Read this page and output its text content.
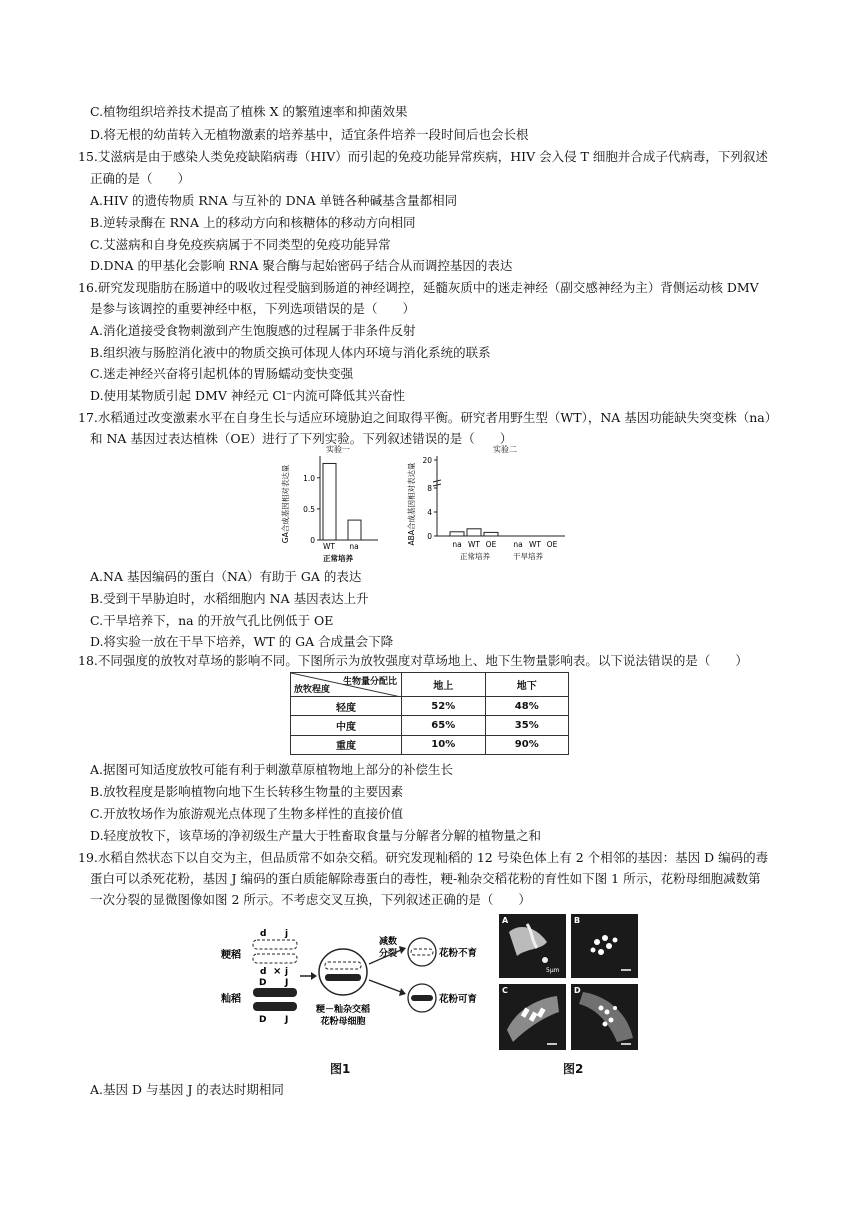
C.植物组织培养技术提高了植株 X 的繁殖速率和抑菌效果
D.将无根的幼苗转入无植物激素的培养基中，适宜条件培养一段时间后也会长根
15.艾滋病是由于感染人类免疫缺陷病毒（HIV）而引起的免疫功能异常疾病，HIV 会入侵 T 细胞并合成子代病毒，下列叙述
正确的是（　　）
A.HIV 的遗传物质 RNA 与互补的 DNA 单链各种碱基含量都相同
B.逆转录酶在 RNA 上的移动方向和核糖体的移动方向相同
C.艾滋病和自身免疫疾病属于不同类型的免疫功能异常
D.DNA 的甲基化会影响 RNA 聚合酶与起始密码子结合从而调控基因的表达
16.研究发现脂肪在肠道中的吸收过程受脑到肠道的神经调控，延髓灰质中的迷走神经（副交感神经为主）背侧运动核 DMV
是参与该调控的重要神经中枢，下列选项错误的是（　　）
A.消化道接受食物刺激到产生饱腹感的过程属于非条件反射
B.组织液与肠腔消化液中的物质交换可体现人体内环境与消化系统的联系
C.迷走神经兴奋将引起机体的胃肠蠕动变快变强
D.使用某物质引起 DMV 神经元 Cl⁻内流可降低其兴奋性
17.水稻通过改变激素水平在自身生长与适应环境胁迫之间取得平衡。研究者用野生型（WT），NA 基因功能缺失突变株（na）
和 NA 基因过表达植株（OE）进行了下列实验。下列叙述错误的是（　　）
GA合成基因相对表达量
实验一
0
0.5
1.0
WT na
正常培养
ABA合成基因相对表达量
实验二
0
4
8
20
na WT OE na WT OE
正常培养	干旱培养
A.NA 基因编码的蛋白（NA）有助于 GA 的表达
B.受到干旱胁迫时，水稻细胞内 NA 基因表达上升
C.干旱培养下，na 的开放气孔比例低于 OE
D.将实验一放在干旱下培养，WT 的 GA 合成量会下降
18.不同强度的放牧对草场的影响不同。下图所示为放牧强度对草场地上、地下生物量影响表。以下说法错误的是（　　）
生物量分配比
放牧程度	地上	地下
轻度	52%	48%
中度	65%	35%
重度	10%	90%
A.据图可知适度放牧可能有利于刺激草原植物地上部分的补偿生长
B.放牧程度是影响植物向地下生长转移生物量的主要因素
C.开放牧场作为旅游观光点体现了生物多样性的直接价值
D.轻度放牧下，该草场的净初级生产量大于牲畜取食量与分解者分解的植物量之和
19.水稻自然状态下以自交为主，但品质常不如杂交稻。研究发现籼稻的 12 号染色体上有 2 个相邻的基因：基因 D 编码的毒
蛋白可以杀死花粉，基因 J 编码的蛋白质能解除毒蛋白的毒性，粳-籼杂交稻花粉的育性如下图 1 所示，花粉母细胞减数第
一次分裂的显微图像如图 2 所示。不考虑交叉互换，下列叙述正确的是（　　）
粳稻
籼稻
d j
d × j
D J
D J
粳－籼杂交稻
花粉母细胞
减数
分裂	花粉不育
花粉可育
图1
A
5μm
B
C	D
图2
A.基因 D 与基因 J 的表达时期相同
